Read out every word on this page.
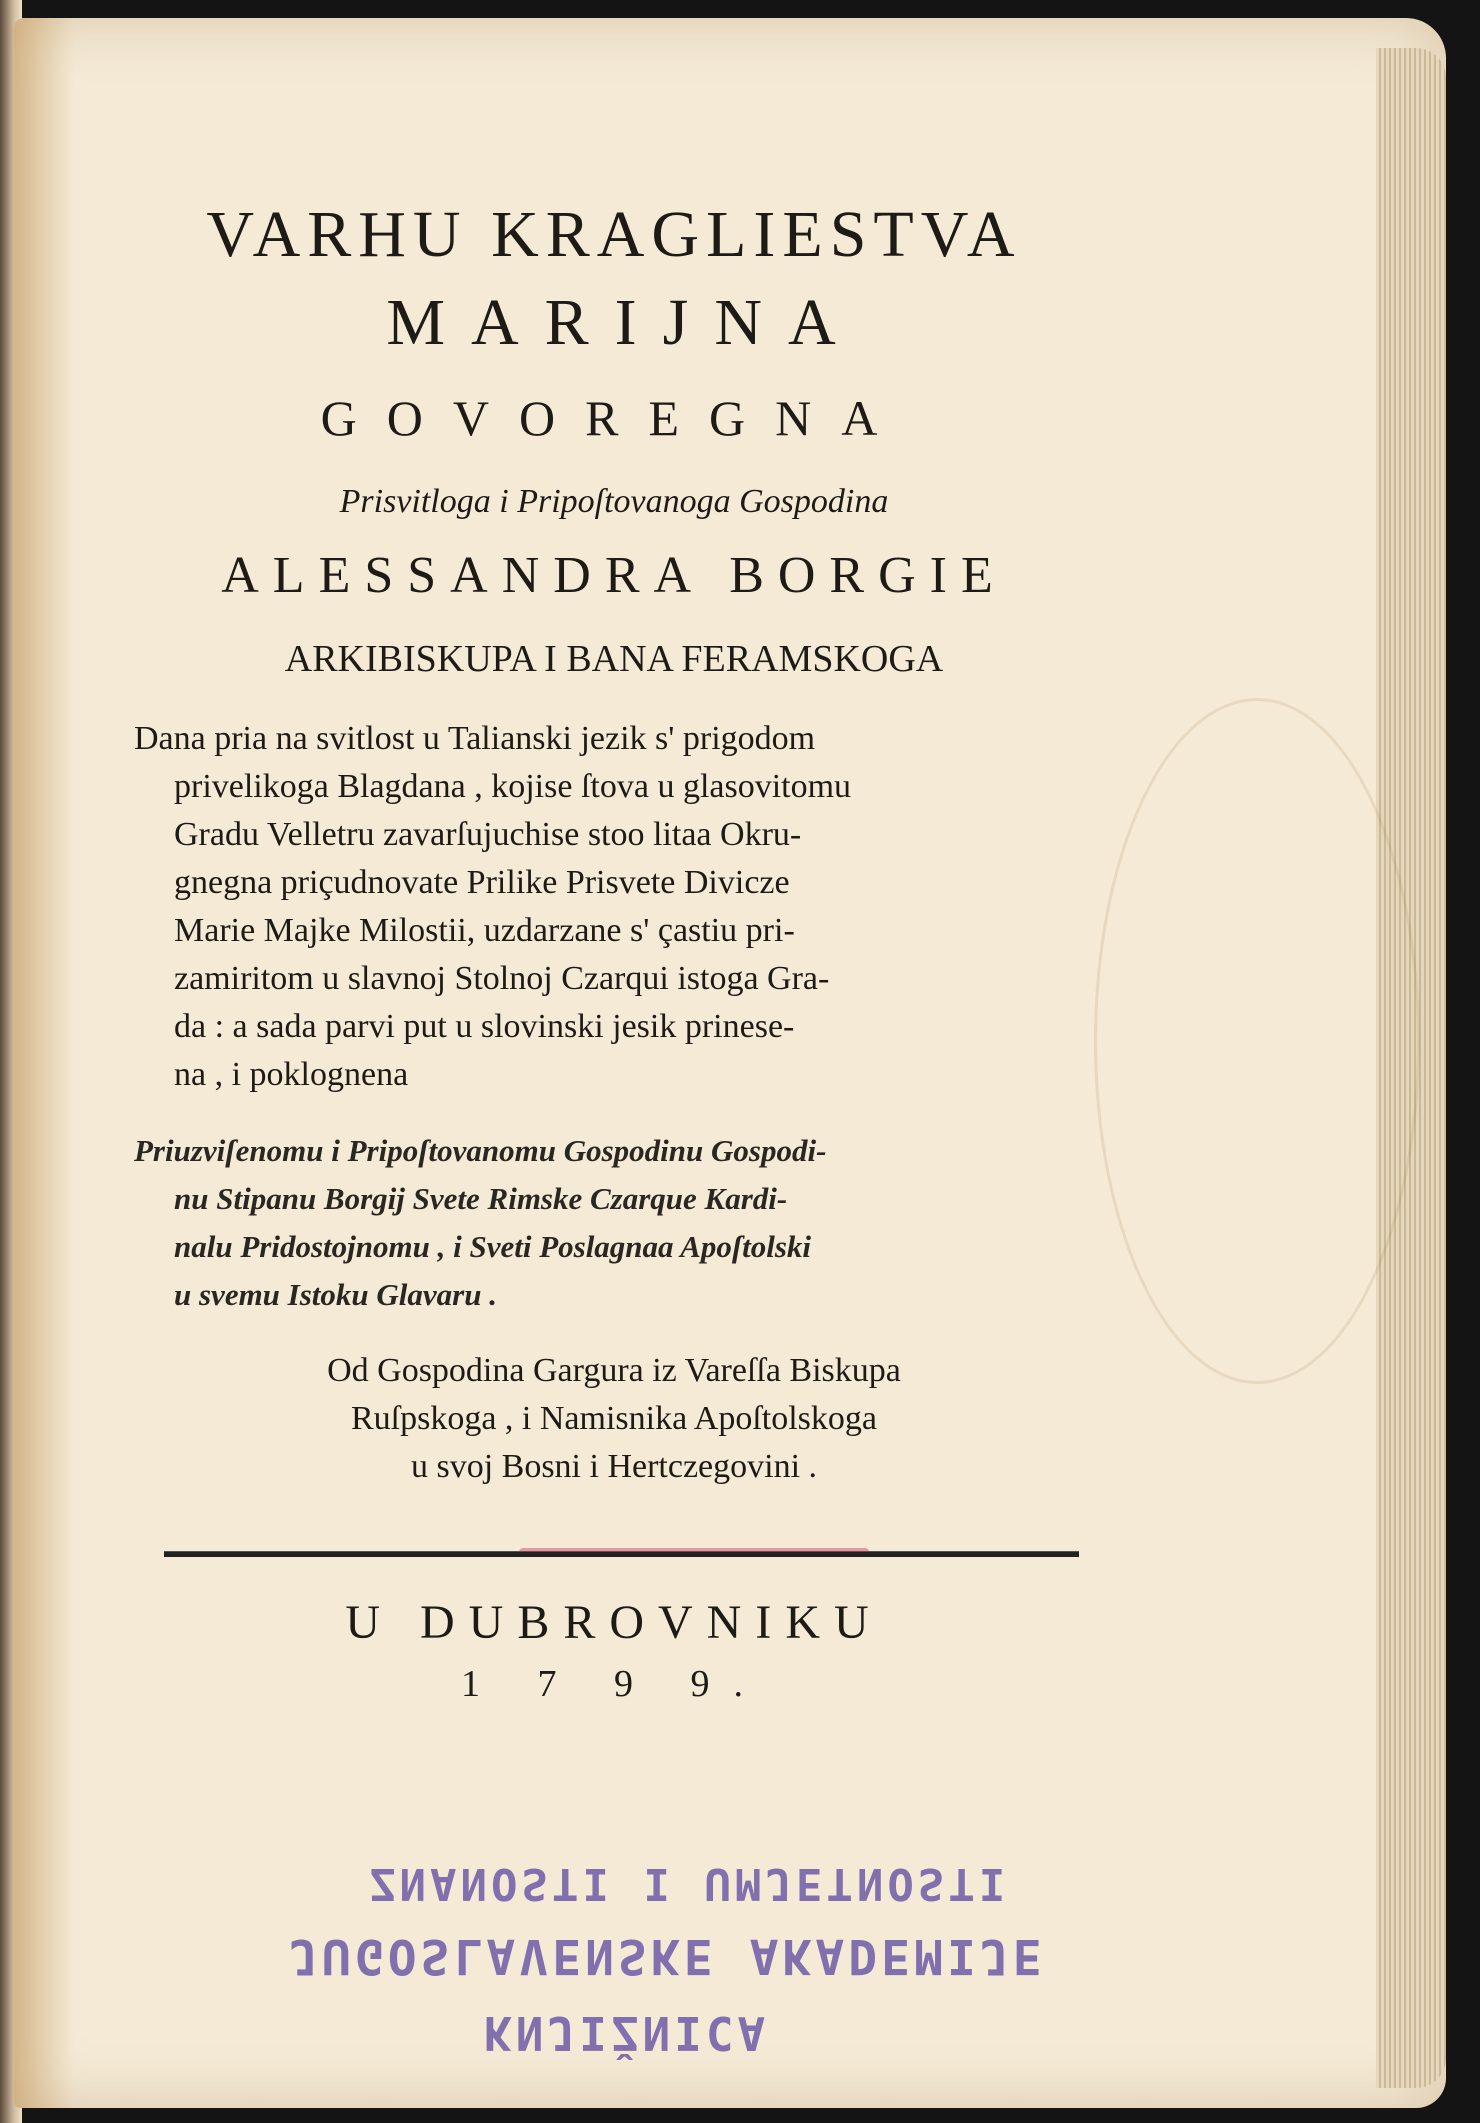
VARHU KRAGLIESTVA
MARIJNA
GOVOREGNA
Prisvitloga i Pripoſtovanoga Gospodina
ALESSANDRA BORGIE
ARKIBISKUPA I BANA FERAMSKOGA
Dana pria na svitlost u Talianski jezik s' prigodom
privelikoga Blagdana , kojise ſtova u glasovitomu
Gradu Velletru zavarſujuchise stoo litaa Okru-
gnegna priçudnovate Prilike Prisvete Divicze
Marie Majke Milostii, uzdarzane s' çastiu pri-
zamiritom u slavnoj Stolnoj Czarqui istoga Gra-
da : a sada parvi put u slovinski jesik prinese-
na , i poklognena
Priuzviſenomu i Pripoſtovanomu Gospodinu Gospodi-
nu Stipanu Borgij Svete Rimske Czarque Kardi-
nalu Pridostojnomu , i Sveti Poslagnaa Apoſtolski
u svemu Istoku Glavaru .
Od Gospodina Gargura iz Vareſſa Biskupa
Ruſpskoga , i Namisnika Apoſtolskoga
u svoj Bosni i Hertczegovini .
U DUBROVNIKU
1 7 9 9.
ZNANOSTI I UMJETNOSTI
JUGOSLAVENSKE AKADEMIJE
KNJIŽNICA
